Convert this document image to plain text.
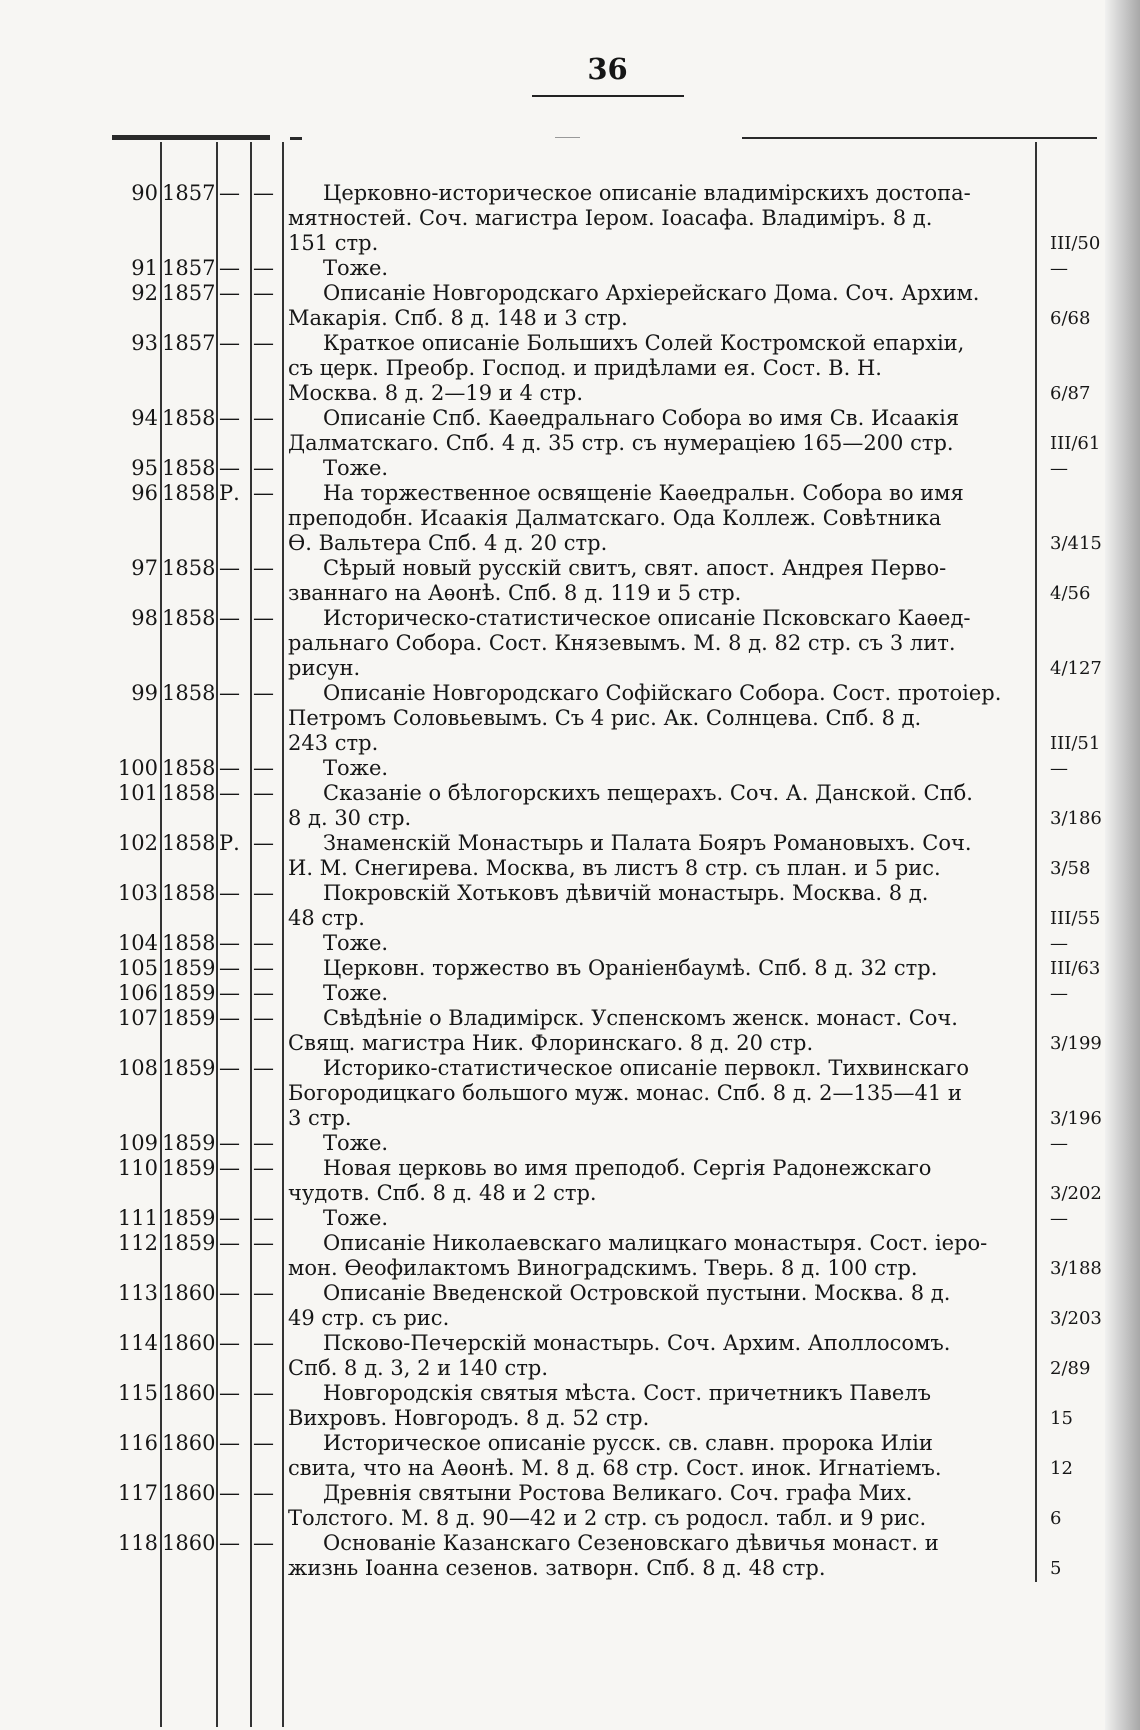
36
90 1857 — —	Церковно-историческое описаніе владимірскихъ достопа-
мятностей. Соч. магистра Іером. Іоасафа. Владиміръ. 8 д.
151 стр.	III/50
91 1857 — —	Тоже.	—
92 1857 — —	Описаніе Новгородскаго Архіерейскаго Дома. Соч. Архим.
Макарія. Спб. 8 д. 148 и 3 стр.	6/68
93 1857 — —	Краткое описаніе Большихъ Солей Костромской епархіи,
съ церк. Преобр. Господ. и придѣлами ея. Сост. В. Н.
Москва. 8 д. 2—19 и 4 стр.	6/87
94 1858 — —	Описаніе Спб. Каѳедральнаго Собора во имя Св. Исаакія
Далматскаго. Спб. 4 д. 35 стр. съ нумераціею 165—200 стр.	III/61
95 1858 — —	Тоже.	—
96 1858 Р. —	На торжественное освященіе Каѳедральн. Собора во имя
преподобн. Исаакія Далматскаго. Ода Коллеж. Совѣтника
Ѳ. Вальтера Спб. 4 д. 20 стр.	3/415
97 1858 — —	Сѣрый новый русскій свитъ, свят. апост. Андрея Перво-
званнаго на Аѳонѣ. Спб. 8 д. 119 и 5 стр.	4/56
98 1858 — —	Историческо-статистическое описаніе Псковскаго Каѳед-
ральнаго Собора. Сост. Князевымъ. М. 8 д. 82 стр. съ 3 лит.
рисун.	4/127
99 1858 — —	Описаніе Новгородскаго Софійскаго Собора. Сост. протоіер.
Петромъ Соловьевымъ. Съ 4 рис. Ак. Солнцева. Спб. 8 д.
243 стр.	III/51
100 1858 — —	Тоже.	—
101 1858 — —	Сказаніе о бѣлогорскихъ пещерахъ. Соч. А. Данской. Спб.
8 д. 30 стр.	3/186
102 1858 Р. —	Знаменскій Монастырь и Палата Бояръ Романовыхъ. Соч.
И. М. Снегирева. Москва, въ листъ 8 стр. съ план. и 5 рис.	3/58
103 1858 — —	Покровскій Хотьковъ дѣвичій монастырь. Москва. 8 д.
48 стр.	III/55
104 1858 — —	Тоже.	—
105 1859 — —	Церковн. торжество въ Ораніенбаумѣ. Спб. 8 д. 32 стр.	III/63
106 1859 — —	Тоже.	—
107 1859 — —	Свѣдѣніе о Владимірск. Успенскомъ женск. монаст. Соч.
Свящ. магистра Ник. Флоринскаго. 8 д. 20 стр.	3/199
108 1859 — —	Историко-статистическое описаніе первокл. Тихвинскаго
Богородицкаго большого муж. монас. Спб. 8 д. 2—135—41 и
3 стр.	3/196
109 1859 — —	Тоже.	—
110 1859 — —	Новая церковь во имя преподоб. Сергія Радонежскаго
чудотв. Спб. 8 д. 48 и 2 стр.	3/202
111 1859 — —	Тоже.	—
112 1859 — —	Описаніе Николаевскаго малицкаго монастыря. Сост. іеро-
мон. Ѳеофилактомъ Виноградскимъ. Тверь. 8 д. 100 стр.	3/188
113 1860 — —	Описаніе Введенской Островской пустыни. Москва. 8 д.
49 стр. съ рис.	3/203
114 1860 — —	Псково-Печерскій монастырь. Соч. Архим. Аполлосомъ.
Спб. 8 д. 3, 2 и 140 стр.	2/89
115 1860 — —	Новгородскія святыя мѣста. Сост. причетникъ Павелъ
Вихровъ. Новгородъ. 8 д. 52 стр.	15
116 1860 — —	Историческое описаніе русск. св. славн. пророка Иліи
свита, что на Аѳонѣ. М. 8 д. 68 стр. Сост. инок. Игнатіемъ.	12
117 1860 — —	Древнія святыни Ростова Великаго. Соч. графа Мих.
Толстого. М. 8 д. 90—42 и 2 стр. съ родосл. табл. и 9 рис.	6
118 1860 — —	Основаніе Казанскаго Сезеновскаго дѣвичья монаст. и
жизнь Іоанна сезенов. затворн. Спб. 8 д. 48 стр.	5
